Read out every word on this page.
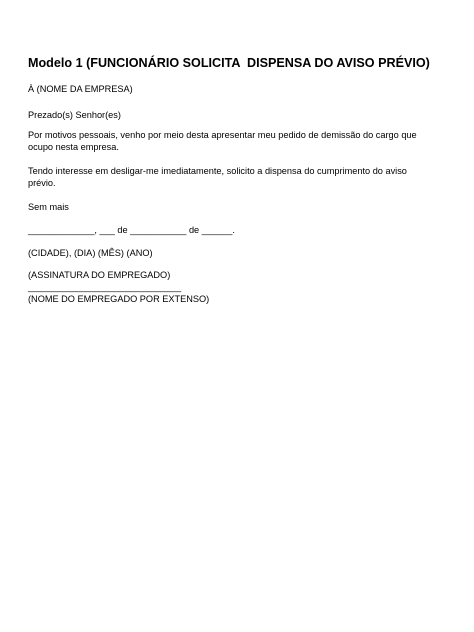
Modelo 1 (FUNCIONÁRIO SOLICITA  DISPENSA DO AVISO PRÉVIO)
À (NOME DA EMPRESA)
Prezado(s) Senhor(es)
Por motivos pessoais, venho por meio desta apresentar meu pedido de demissão do cargo que
ocupo nesta empresa.
Tendo interesse em desligar-me imediatamente, solicito a dispensa do cumprimento do aviso
prévio.
Sem mais
_____________, ___ de ___________ de ______.
(CIDADE), (DIA) (MÊS) (ANO)
(ASSINATURA DO EMPREGADO)
______________________________
(NOME DO EMPREGADO POR EXTENSO)
